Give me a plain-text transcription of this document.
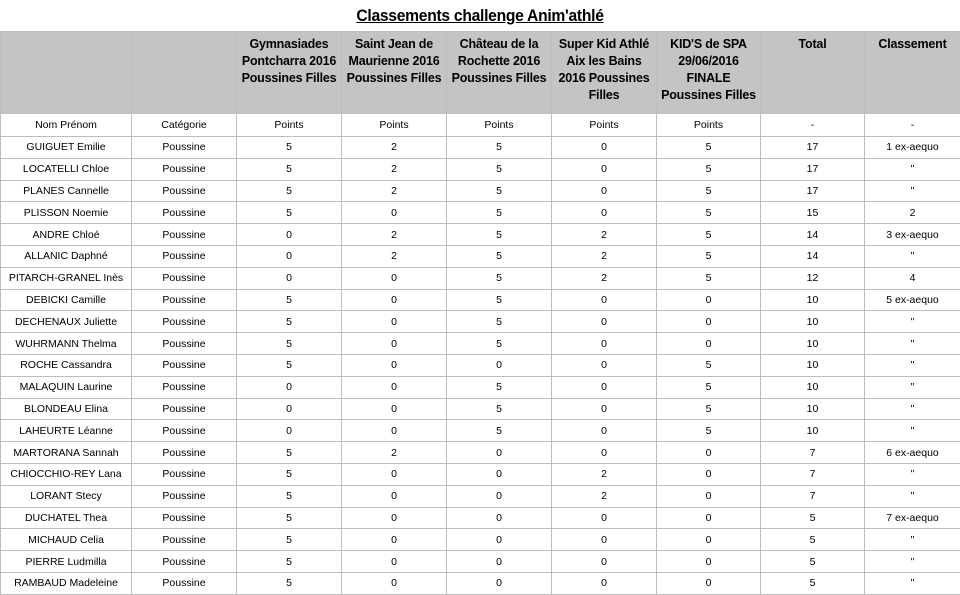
Classements challenge Anim'athlé
		Gymnasiades Pontcharra 2016 Poussines Filles	Saint Jean de Maurienne 2016 Poussines Filles	Château de la Rochette 2016 Poussines Filles	Super Kid Athlé Aix les Bains 2016 Poussines Filles	KID'S de SPA 29/06/2016 FINALE Poussines Filles	Total	Classement
Nom Prénom	Catégorie	Points	Points	Points	Points	Points	-	-
GUIGUET Emilie	Poussine	5	2	5	0	5	17	1 ex-aequo
LOCATELLI Chloe	Poussine	5	2	5	0	5	17	"
PLANES Cannelle	Poussine	5	2	5	0	5	17	"
PLISSON Noemie	Poussine	5	0	5	0	5	15	2
ANDRE Chloé	Poussine	0	2	5	2	5	14	3 ex-aequo
ALLANIC Daphné	Poussine	0	2	5	2	5	14	"
PITARCH-GRANEL Inès	Poussine	0	0	5	2	5	12	4
DEBICKI Camille	Poussine	5	0	5	0	0	10	5 ex-aequo
DECHENAUX Juliette	Poussine	5	0	5	0	0	10	"
WUHRMANN Thelma	Poussine	5	0	5	0	0	10	"
ROCHE Cassandra	Poussine	5	0	0	0	5	10	"
MALAQUIN Laurine	Poussine	0	0	5	0	5	10	"
BLONDEAU Elina	Poussine	0	0	5	0	5	10	"
LAHEURTE Léanne	Poussine	0	0	5	0	5	10	"
MARTORANA Sannah	Poussine	5	2	0	0	0	7	6 ex-aequo
CHIOCCHIO-REY Lana	Poussine	5	0	0	2	0	7	"
LORANT Stecy	Poussine	5	0	0	2	0	7	"
DUCHATEL Thea	Poussine	5	0	0	0	0	5	7 ex-aequo
MICHAUD Celia	Poussine	5	0	0	0	0	5	"
PIERRE Ludmilla	Poussine	5	0	0	0	0	5	"
RAMBAUD Madeleine	Poussine	5	0	0	0	0	5	"
